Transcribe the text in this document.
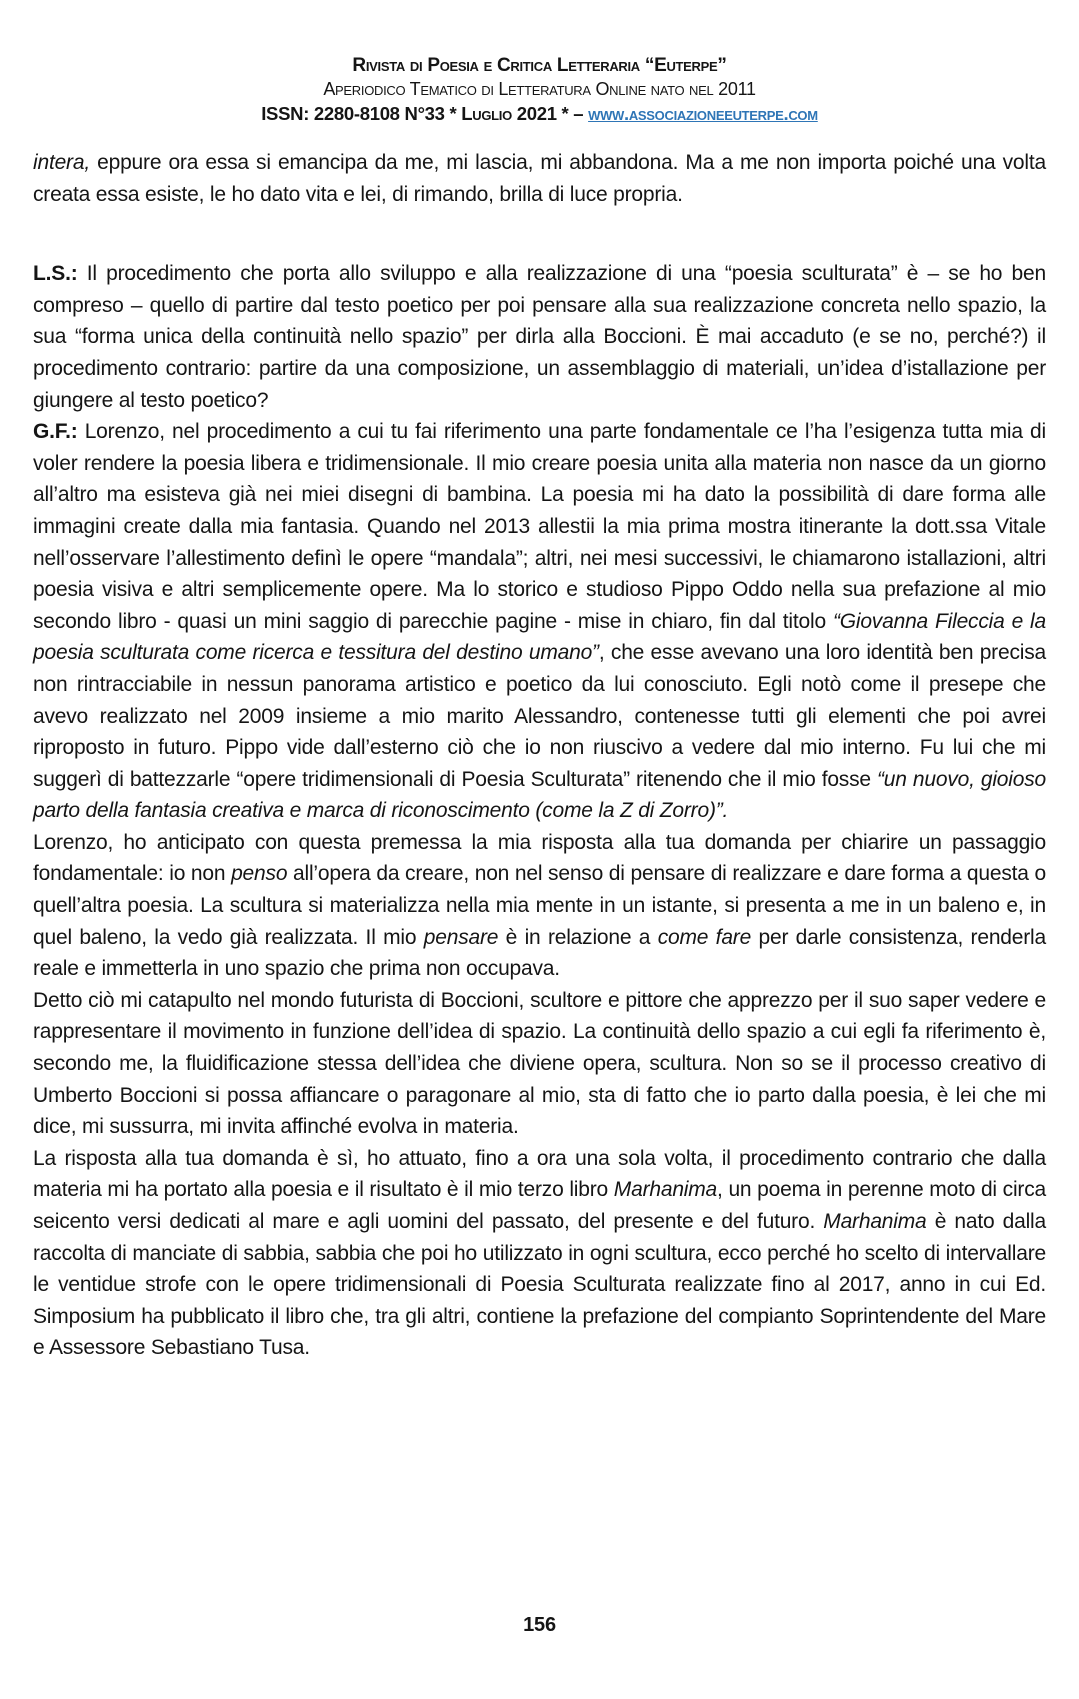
Rivista di Poesia e Critica Letteraria “Euterpe”
Aperiodico Tematico di Letteratura Online nato nel 2011
ISSN: 2280-8108 N°33 * Luglio 2021 * – www.associazioneeuterpe.com

intera, eppure ora essa si emancipa da me, mi lascia, mi abbandona. Ma a me non importa poiché una volta creata essa esiste, le ho dato vita e lei, di rimando, brilla di luce propria.

L.S.: Il procedimento che porta allo sviluppo e alla realizzazione di una “poesia sculturata” è – se ho ben compreso – quello di partire dal testo poetico per poi pensare alla sua realizzazione concreta nello spazio, la sua “forma unica della continuità nello spazio” per dirla alla Boccioni. È mai accaduto (e se no, perché?) il procedimento contrario: partire da una composizione, un assemblaggio di materiali, un’idea d’istallazione per giungere al testo poetico?

G.F.: Lorenzo, nel procedimento a cui tu fai riferimento una parte fondamentale ce l’ha l’esigenza tutta mia di voler rendere la poesia libera e tridimensionale. Il mio creare poesia unita alla materia non nasce da un giorno all’altro ma esisteva già nei miei disegni di bambina. La poesia mi ha dato la possibilità di dare forma alle immagini create dalla mia fantasia. Quando nel 2013 allestii la mia prima mostra itinerante la dott.ssa Vitale nell’osservare l’allestimento definì le opere “mandala”; altri, nei mesi successivi, le chiamarono istallazioni, altri poesia visiva e altri semplicemente opere. Ma lo storico e studioso Pippo Oddo nella sua prefazione al mio secondo libro - quasi un mini saggio di parecchie pagine - mise in chiaro, fin dal titolo “Giovanna Fileccia e la poesia sculturata come ricerca e tessitura del destino umano”, che esse avevano una loro identità ben precisa non rintracciabile in nessun panorama artistico e poetico da lui conosciuto. Egli notò come il presepe che avevo realizzato nel 2009 insieme a mio marito Alessandro, contenesse tutti gli elementi che poi avrei riproposto in futuro. Pippo vide dall’esterno ciò che io non riuscivo a vedere dal mio interno. Fu lui che mi suggerì di battezzarle “opere tridimensionali di Poesia Sculturata” ritenendo che il mio fosse “un nuovo, gioioso parto della fantasia creativa e marca di riconoscimento (come la Z di Zorro)”.

Lorenzo, ho anticipato con questa premessa la mia risposta alla tua domanda per chiarire un passaggio fondamentale: io non penso all’opera da creare, non nel senso di pensare di realizzare e dare forma a questa o quell’altra poesia. La scultura si materializza nella mia mente in un istante, si presenta a me in un baleno e, in quel baleno, la vedo già realizzata. Il mio pensare è in relazione a come fare per darle consistenza, renderla reale e immetterla in uno spazio che prima non occupava.

Detto ciò mi catapulto nel mondo futurista di Boccioni, scultore e pittore che apprezzo per il suo saper vedere e rappresentare il movimento in funzione dell’idea di spazio. La continuità dello spazio a cui egli fa riferimento è, secondo me, la fluidificazione stessa dell’idea che diviene opera, scultura. Non so se il processo creativo di Umberto Boccioni si possa affiancare o paragonare al mio, sta di fatto che io parto dalla poesia, è lei che mi dice, mi sussurra, mi invita affinché evolva in materia.

La risposta alla tua domanda è sì, ho attuato, fino a ora una sola volta, il procedimento contrario che dalla materia mi ha portato alla poesia e il risultato è il mio terzo libro Marhanima, un poema in perenne moto di circa seicento versi dedicati al mare e agli uomini del passato, del presente e del futuro. Marhanima è nato dalla raccolta di manciate di sabbia, sabbia che poi ho utilizzato in ogni scultura, ecco perché ho scelto di intervallare le ventidue strofe con le opere tridimensionali di Poesia Sculturata realizzate fino al 2017, anno in cui Ed. Simposium ha pubblicato il libro che, tra gli altri, contiene la prefazione del compianto Soprintendente del Mare e Assessore Sebastiano Tusa.

156
